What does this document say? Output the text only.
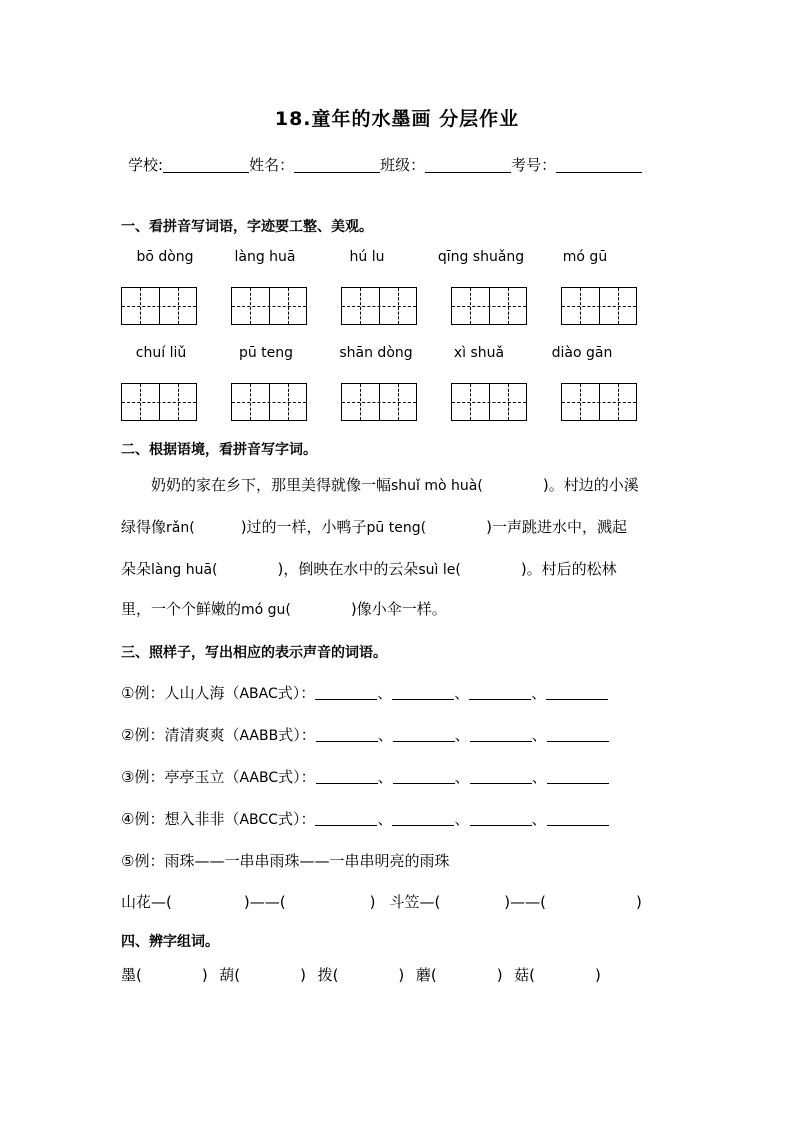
18.童年的水墨画 分层作业
学校:	姓名：	班级：	考号：
一、看拼音写词语，字迹要工整、美观。
bō dòng	làng huā	hú lu	qīng shuǎng	mó gū
chuí liǔ	pū teng	shān dòng	xì shuǎ	diào gān
二、根据语境，看拼音写字词。
奶奶的家在乡下，那里美得就像一幅shuǐ mò huà(	)。村边的小溪
绿得像rǎn(	)过的一样，小鸭子pū teng(	)一声跳进水中，溅起
朵朵làng huā(	)，倒映在水中的云朵suì le(	)。村后的松林
里，一个个鲜嫩的mó gu(	)像小伞一样。
三、照样子，写出相应的表示声音的词语。
①例：人山人海（ABAC式）：	、	、	、
②例：清清爽爽（AABB式）：	、	、	、
③例：亭亭玉立（AABC式）：	、	、	、
④例：想入非非（ABCC式）：	、	、	、
⑤例：雨珠——一串串雨珠——一串串明亮的雨珠
山花—(	)——(	) 斗笠—(	)——(	)
四、辨字组词。
墨(	) 葫(	) 拨(	) 蘑(	) 菇(	)
